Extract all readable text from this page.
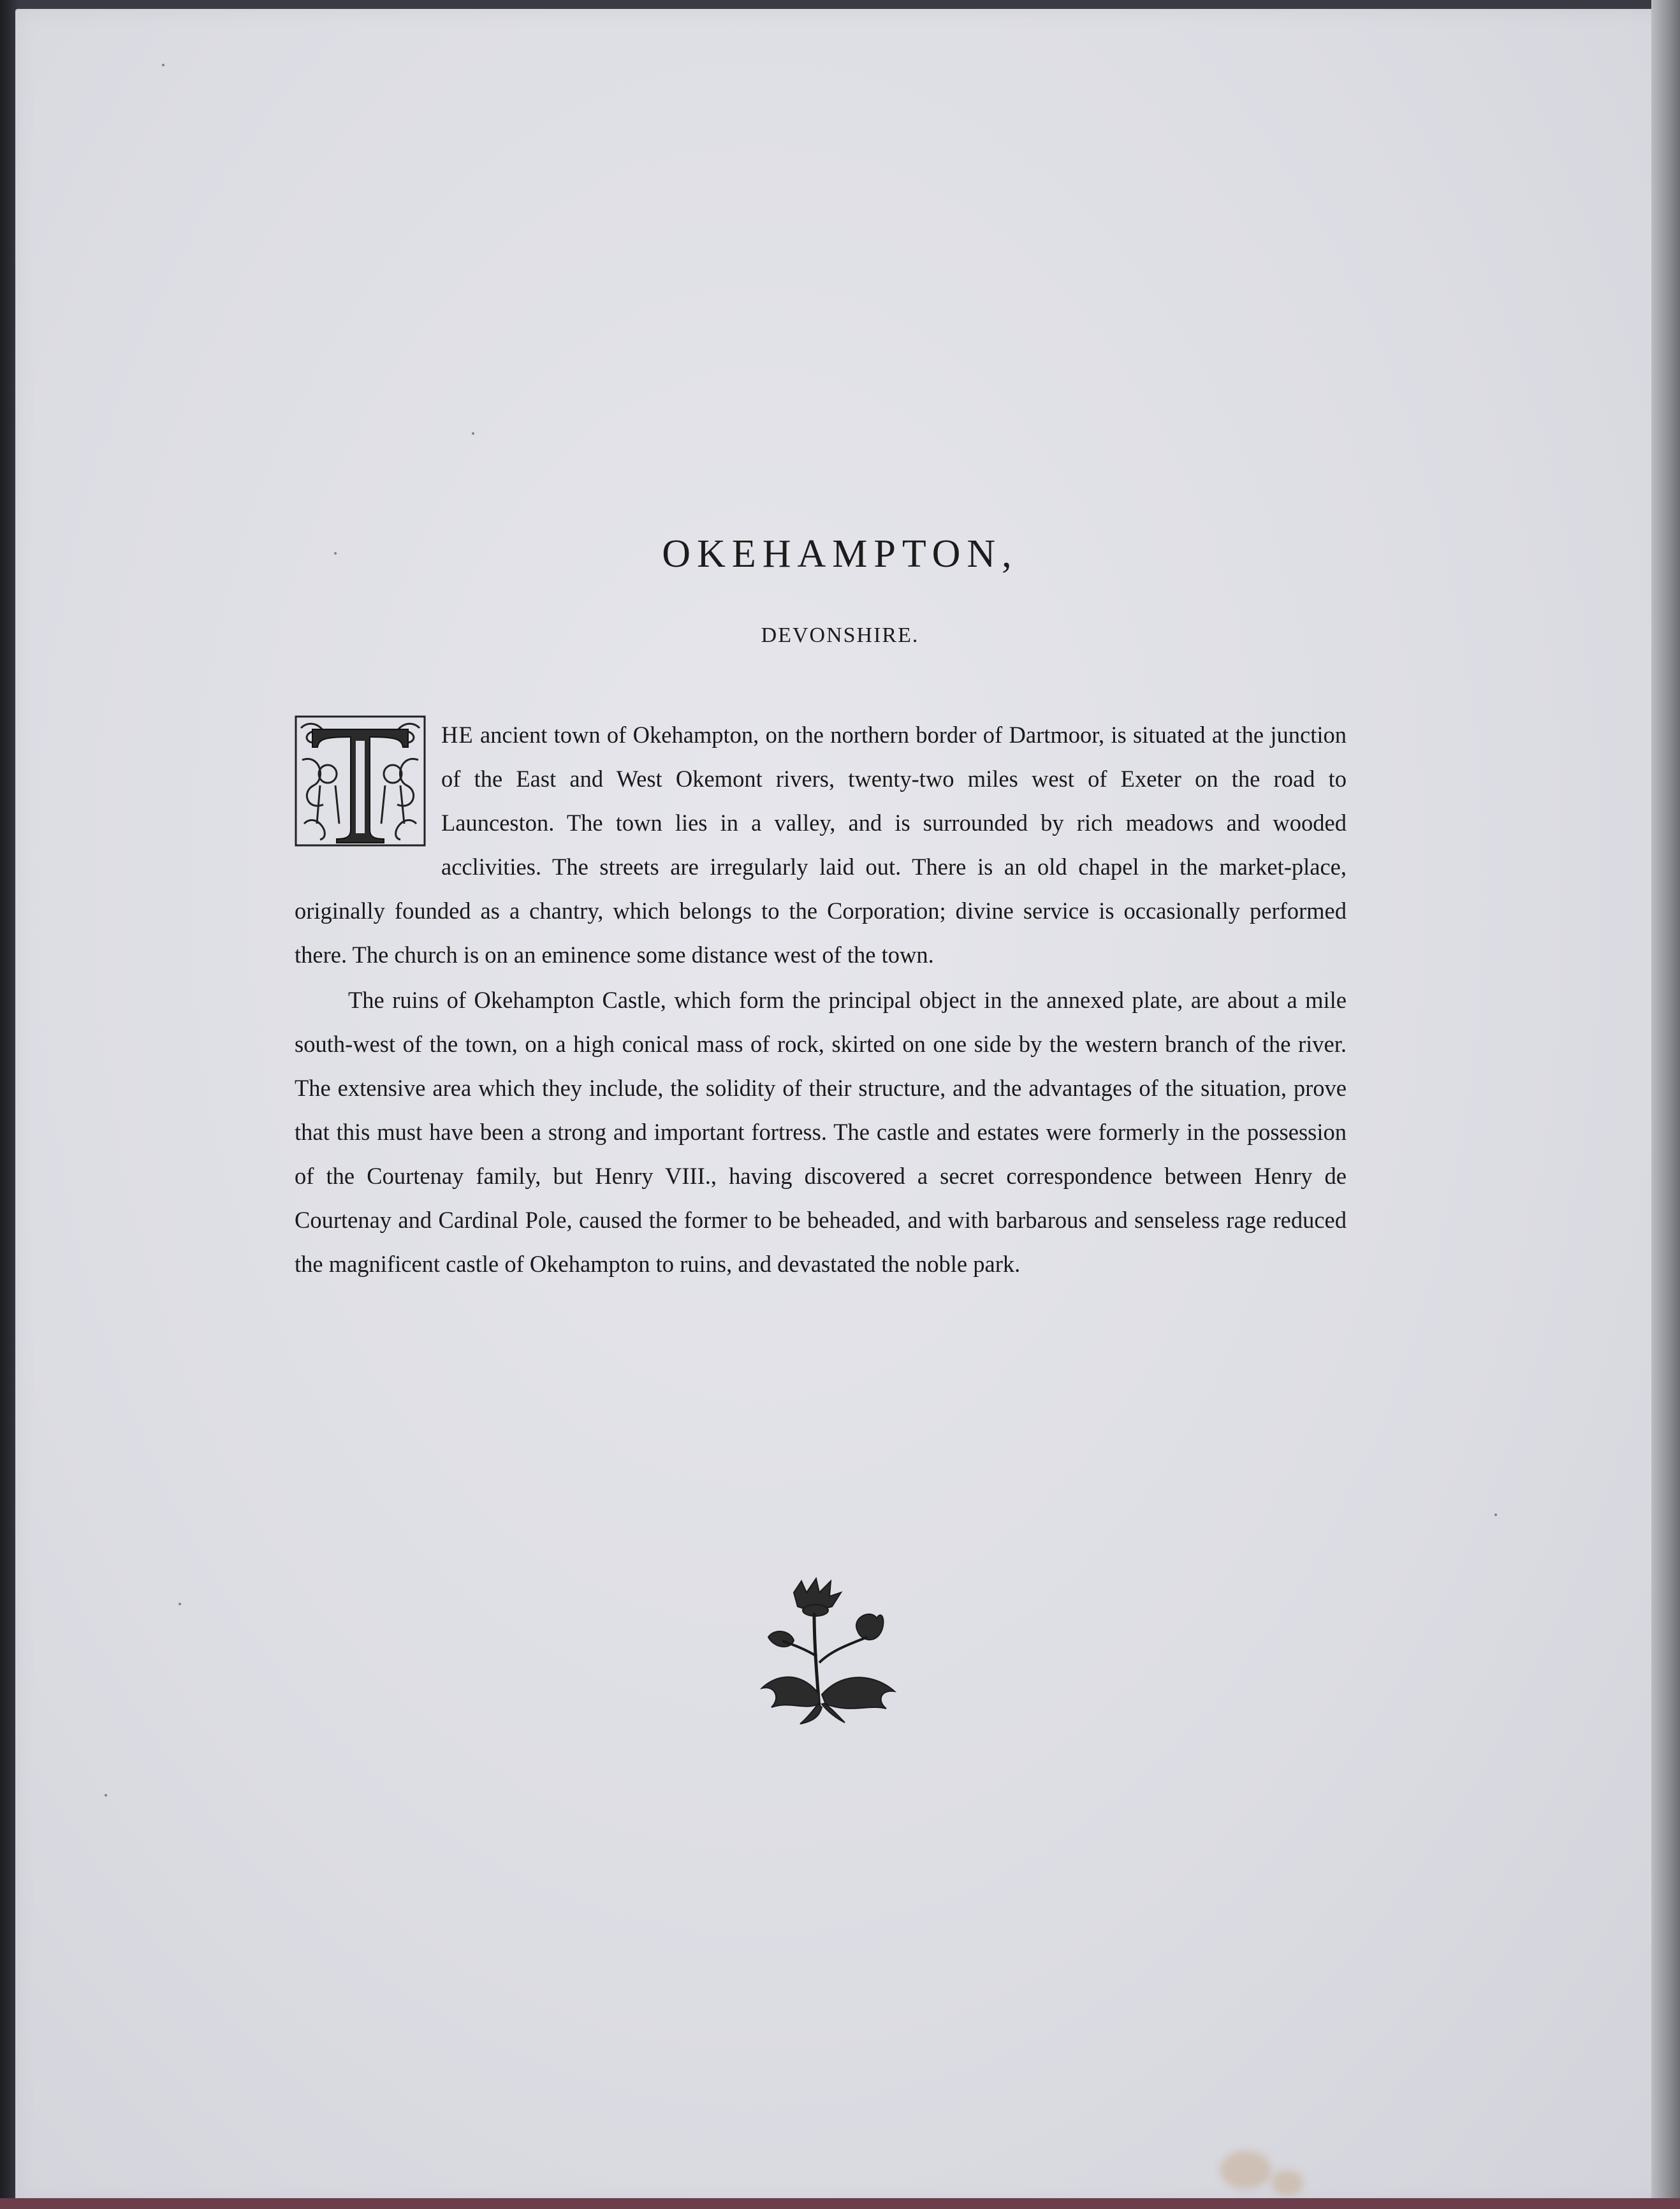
OKEHAMPTON,
DEVONSHIRE.

HE ancient town of Okehampton, on the northern border of Dartmoor, is situated at the junction of the East and West Okemont rivers, twenty-two miles west of Exeter on the road to Launceston. The town lies in a valley, and is surrounded by rich meadows and wooded acclivities. The streets are irregularly laid out. There is an old chapel in the market-place, originally founded as a chantry, which belongs to the Corporation; divine service is occasionally performed there. The church is on an eminence some distance west of the town.

The ruins of Okehampton Castle, which form the principal object in the annexed plate, are about a mile south-west of the town, on a high conical mass of rock, skirted on one side by the western branch of the river. The extensive area which they include, the solidity of their structure, and the advantages of the situation, prove that this must have been a strong and important fortress. The castle and estates were formerly in the possession of the Courtenay family, but Henry VIII., having discovered a secret correspondence between Henry de Courtenay and Cardinal Pole, caused the former to be beheaded, and with barbarous and senseless rage reduced the magnificent castle of Okehampton to ruins, and devastated the noble park.
